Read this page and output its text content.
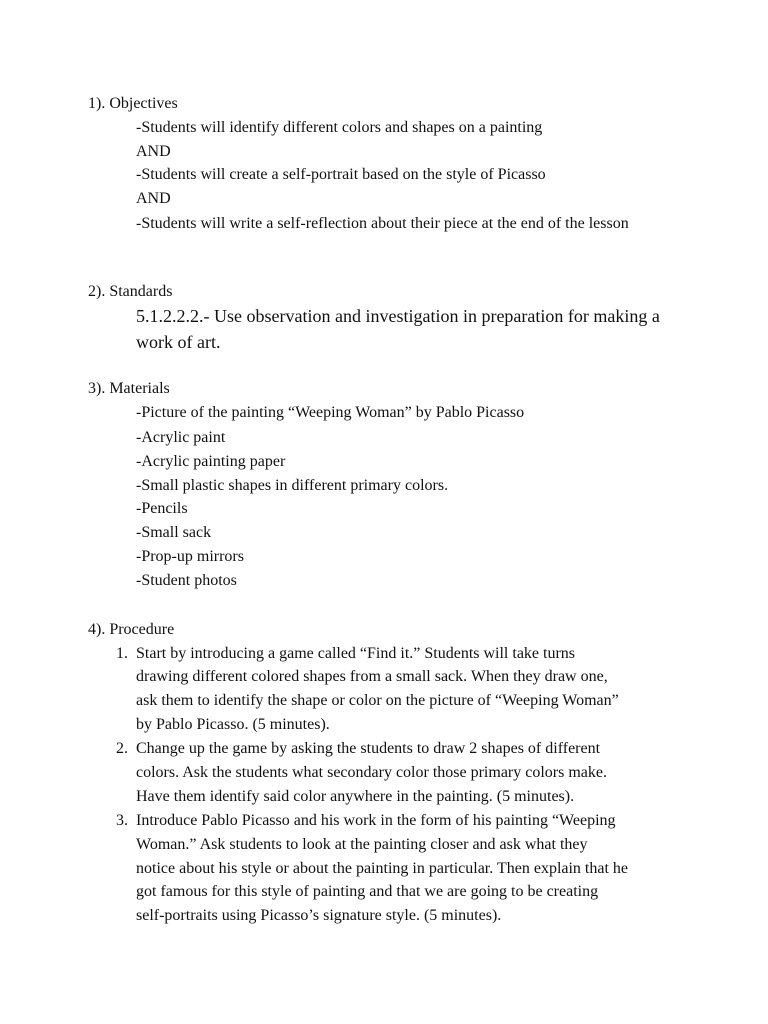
1). Objectives
-Students will identify different colors and shapes on a painting
AND
-Students will create a self-portrait based on the style of Picasso
AND
-Students will write a self-reflection about their piece at the end of the lesson
2). Standards
5.1.2.2.2.- Use observation and investigation in preparation for making a
work of art.
3). Materials
-Picture of the painting “Weeping Woman” by Pablo Picasso
-Acrylic paint
-Acrylic painting paper
-Small plastic shapes in different primary colors.
-Pencils
-Small sack
-Prop-up mirrors
-Student photos
4). Procedure
1. Start by introducing a game called “Find it.” Students will take turns
drawing different colored shapes from a small sack. When they draw one,
ask them to identify the shape or color on the picture of “Weeping Woman”
by Pablo Picasso. (5 minutes).
2. Change up the game by asking the students to draw 2 shapes of different
colors. Ask the students what secondary color those primary colors make.
Have them identify said color anywhere in the painting. (5 minutes).
3. Introduce Pablo Picasso and his work in the form of his painting “Weeping
Woman.” Ask students to look at the painting closer and ask what they
notice about his style or about the painting in particular. Then explain that he
got famous for this style of painting and that we are going to be creating
self-portraits using Picasso’s signature style. (5 minutes).
